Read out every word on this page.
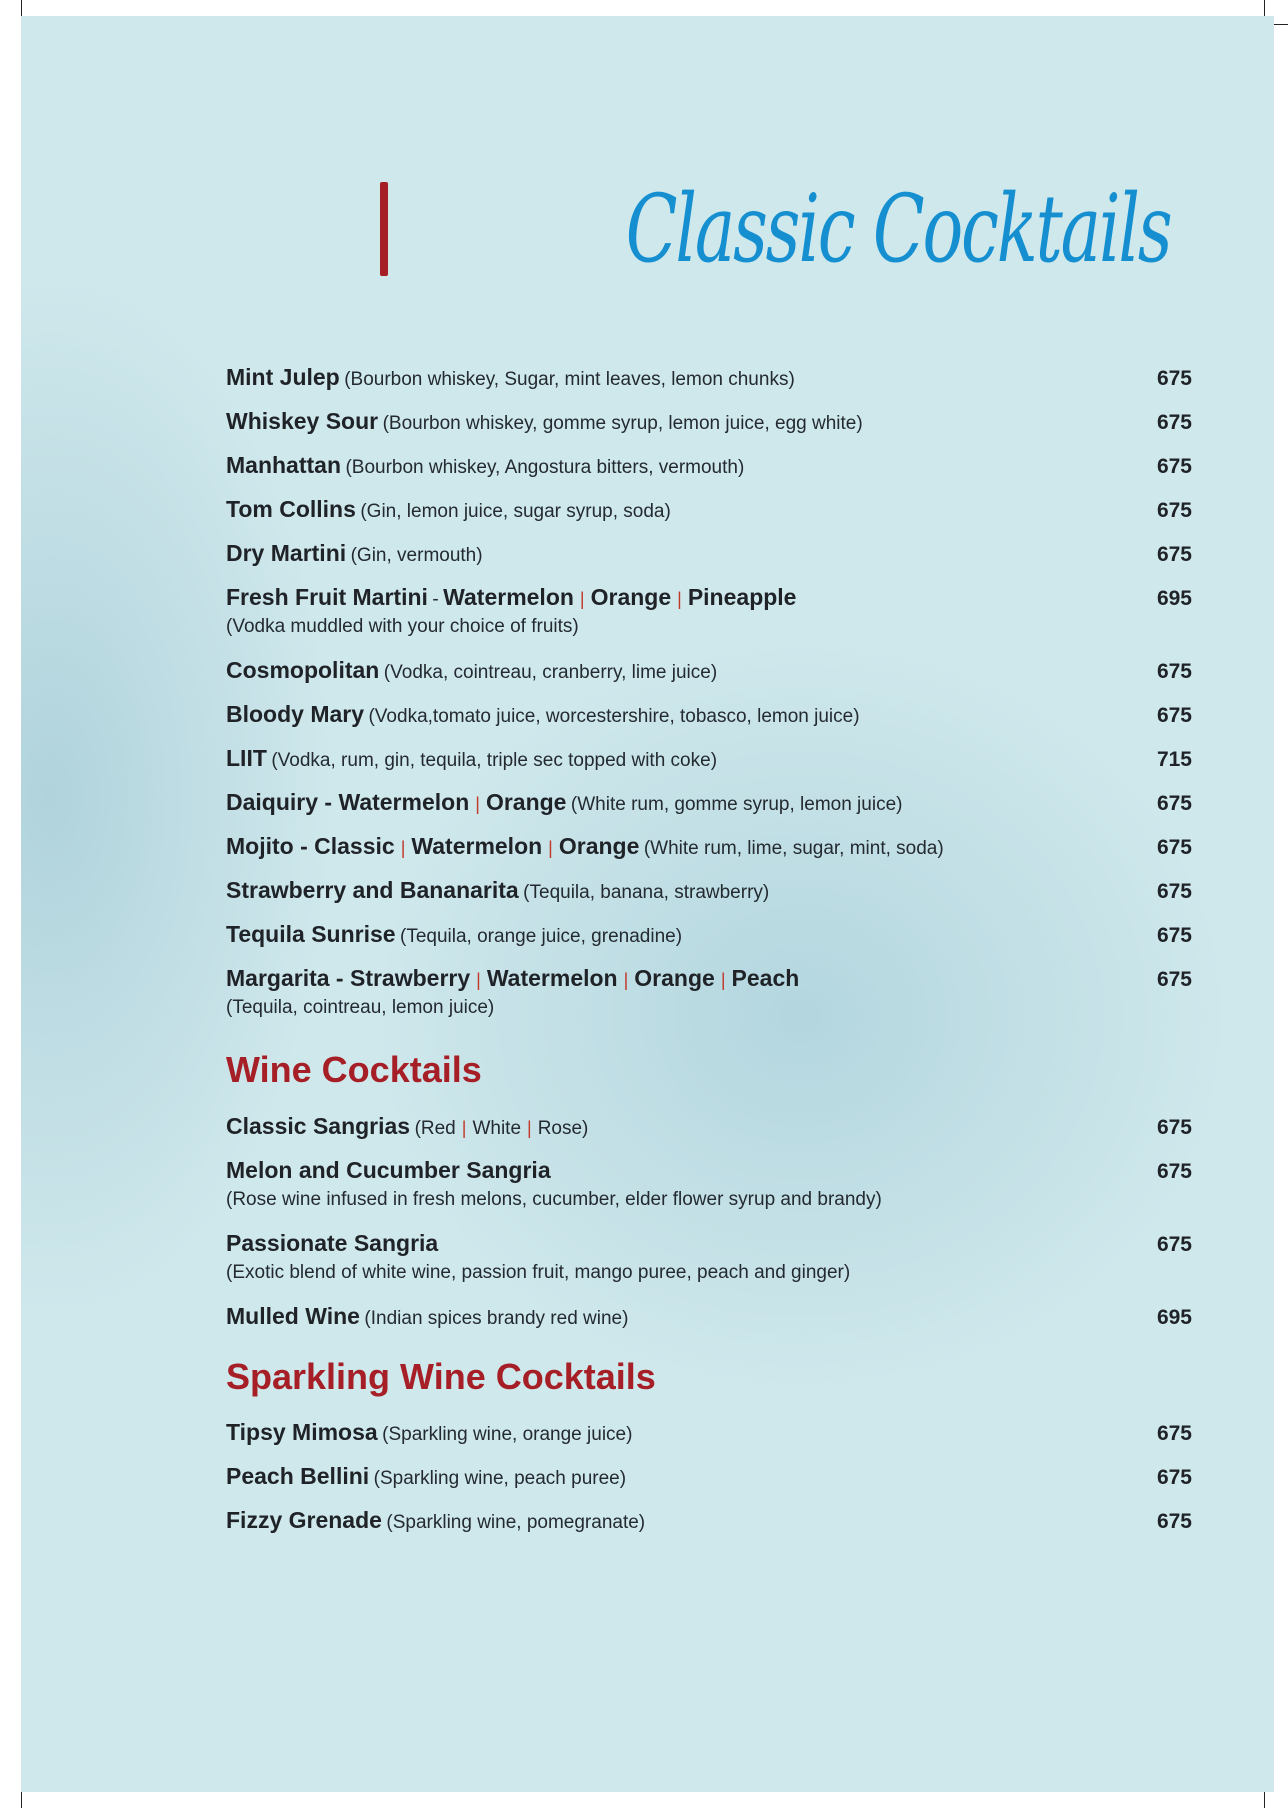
Classic Cocktails
Mint Julep (Bourbon whiskey, Sugar, mint leaves, lemon chunks)	675
Whiskey Sour (Bourbon whiskey, gomme syrup, lemon juice, egg white)	675
Manhattan (Bourbon whiskey, Angostura bitters, vermouth)	675
Tom Collins (Gin, lemon juice, sugar syrup, soda)	675
Dry Martini (Gin, vermouth)	675
Fresh Fruit Martini - Watermelon | Orange | Pineapple	695
(Vodka muddled with your choice of fruits)
Cosmopolitan (Vodka, cointreau, cranberry, lime juice)	675
Bloody Mary (Vodka,tomato juice, worcestershire, tobasco, lemon juice)	675
LIIT (Vodka, rum, gin, tequila, triple sec topped with coke)	715
Daiquiry - Watermelon | Orange (White rum, gomme syrup, lemon juice)	675
Mojito - Classic | Watermelon | Orange (White rum, lime, sugar, mint, soda)	675
Strawberry and Bananarita (Tequila, banana, strawberry)	675
Tequila Sunrise (Tequila, orange juice, grenadine)	675
Margarita - Strawberry | Watermelon | Orange | Peach	675
(Tequila, cointreau, lemon juice)
Wine Cocktails
Classic Sangrias (Red | White | Rose)	675
Melon and Cucumber Sangria	675
(Rose wine infused in fresh melons, cucumber, elder flower syrup and brandy)
Passionate Sangria	675
(Exotic blend of white wine, passion fruit, mango puree, peach and ginger)
Mulled Wine (Indian spices brandy red wine)	695
Sparkling Wine Cocktails
Tipsy Mimosa (Sparkling wine, orange juice)	675
Peach Bellini (Sparkling wine, peach puree)	675
Fizzy Grenade (Sparkling wine, pomegranate)	675
